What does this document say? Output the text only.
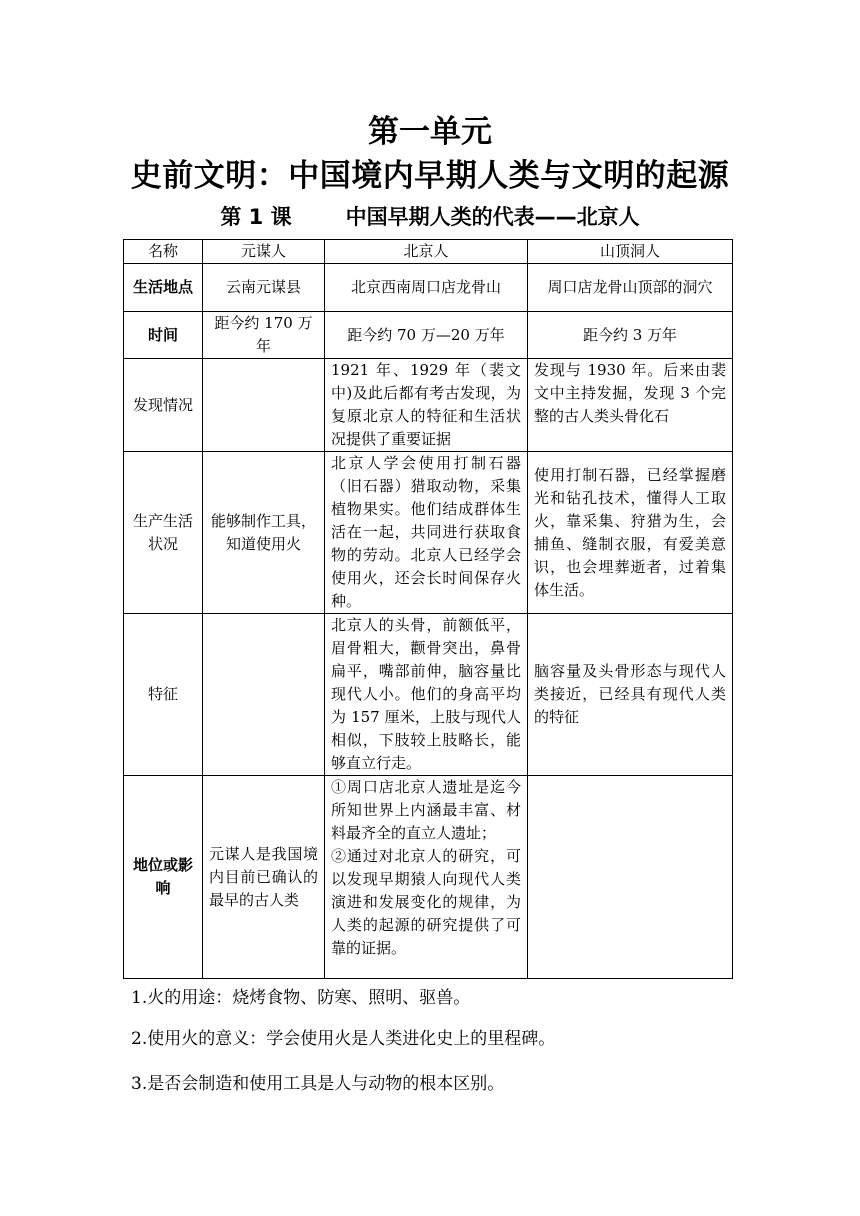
第一单元
史前文明：中国境内早期人类与文明的起源
第 1 课	中国早期人类的代表——北京人
名称	元谋人	北京人	山顶洞人
生活地点	云南元谋县	北京西南周口店龙骨山	周口店龙骨山顶部的洞穴
时间	距今约 170 万年	距今约 70 万—20 万年	距今约 3 万年
发现情况		1921 年、1929 年（裴文中)及此后都有考古发现，为复原北京人的特征和生活状况提供了重要证据	发现与 1930 年。后来由裴文中主持发掘，发现 3 个完整的古人类头骨化石
生产生活状况	能够制作工具，知道使用火	北京人学会使用打制石器（旧石器）猎取动物，采集植物果实。他们结成群体生活在一起，共同进行获取食物的劳动。北京人已经学会使用火，还会长时间保存火种。	使用打制石器，已经掌握磨光和钻孔技术，懂得人工取火，靠采集、狩猎为生，会捕鱼、缝制衣服，有爱美意识，也会埋葬逝者，过着集体生活。
特征		北京人的头骨，前额低平，眉骨粗大，颧骨突出，鼻骨扁平，嘴部前伸，脑容量比现代人小。他们的身高平均为 157 厘米，上肢与现代人相似，下肢较上肢略长，能够直立行走。	脑容量及头骨形态与现代人类接近，已经具有现代人类的特征
地位或影响	元谋人是我国境内目前已确认的最早的古人类	①周口店北京人遗址是迄今所知世界上内涵最丰富、材料最齐全的直立人遗址；
②通过对北京人的研究，可以发现早期猿人向现代人类演进和发展变化的规律，为人类的起源的研究提供了可靠的证据。	

1.火的用途：烧烤食物、防寒、照明、驱兽。
2.使用火的意义：学会使用火是人类进化史上的里程碑。
3.是否会制造和使用工具是人与动物的根本区别。
